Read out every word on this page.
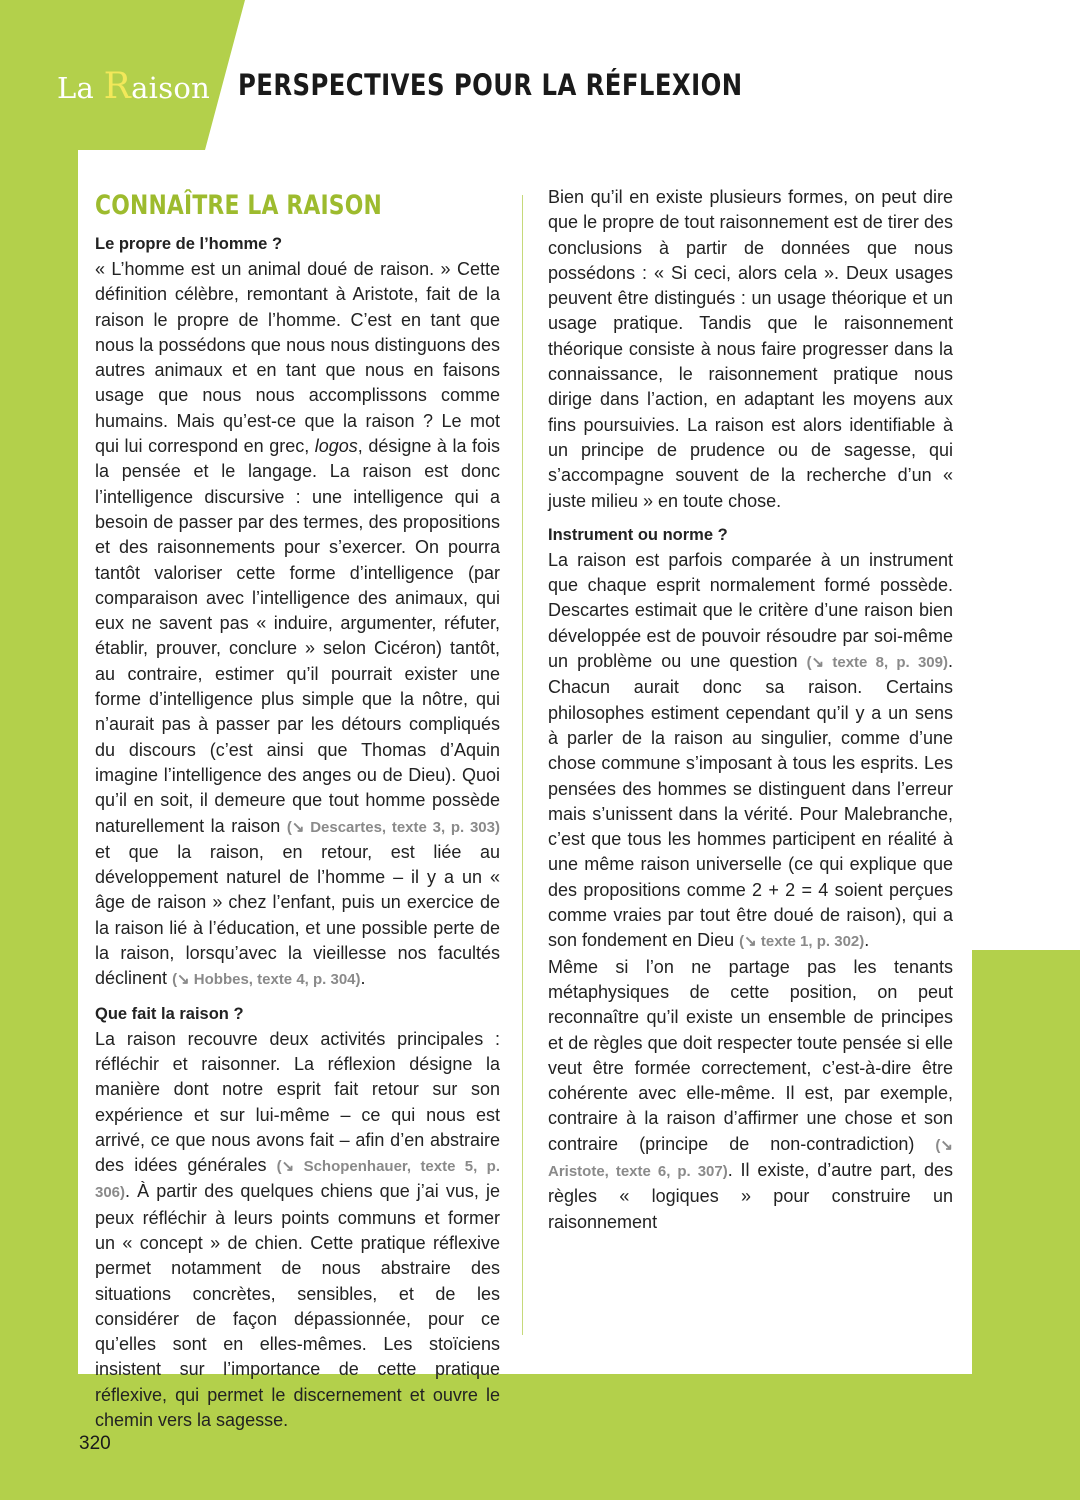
La Raison PERSPECTIVES POUR LA RÉFLEXION
CONNAÎTRE LA RAISON
Le propre de l’homme ?

« L’homme est un animal doué de raison. » Cette définition célèbre, remontant à Aristote, fait de la raison le propre de l’homme. C’est en tant que nous la possédons que nous nous distinguons des autres animaux et en tant que nous en faisons usage que nous nous accomplissons comme humains. Mais qu’est-ce que la raison ? Le mot qui lui correspond en grec, logos, désigne à la fois la pensée et le langage. La raison est donc l’intelligence discursive : une intelligence qui a besoin de passer par des termes, des propositions et des raisonnements pour s’exercer. On pourra tantôt valoriser cette forme d’intelligence (par comparaison avec l’intelligence des animaux, qui eux ne savent pas « induire, argumenter, réfuter, établir, prouver, conclure » selon Cicéron) tantôt, au contraire, estimer qu’il pourrait exister une forme d’intelligence plus simple que la nôtre, qui n’aurait pas à passer par les détours compliqués du discours (c’est ainsi que Thomas d’Aquin imagine l’intelligence des anges ou de Dieu). Quoi qu’il en soit, il demeure que tout homme possède naturellement la raison (↘ Descartes, texte 3, p. 303) et que la raison, en retour, est liée au développement naturel de l’homme – il y a un « âge de raison » chez l’enfant, puis un exercice de la raison lié à l’éducation, et une possible perte de la raison, lorsqu’avec la vieillesse nos facultés déclinent (↘ Hobbes, texte 4, p. 304).

Que fait la raison ?

La raison recouvre deux activités principales : réfléchir et raisonner. La réflexion désigne la manière dont notre esprit fait retour sur son expérience et sur lui-même – ce qui nous est arrivé, ce que nous avons fait – afin d’en abstraire des idées générales (↘ Schopenhauer, texte 5, p. 306). À partir des quelques chiens que j’ai vus, je peux réfléchir à leurs points communs et former un « concept » de chien. Cette pratique réflexive permet notamment de nous abstraire des situations concrètes, sensibles, et de les considérer de façon dépassionnée, pour ce qu’elles sont en elles-mêmes. Les stoïciens insistent sur l’importance de cette pratique réflexive, qui permet le discernement et ouvre le chemin vers la sagesse.

Bien qu’il en existe plusieurs formes, on peut dire que le propre de tout raisonnement est de tirer des conclusions à partir de données que nous possédons : « Si ceci, alors cela ». Deux usages peuvent être distingués : un usage théorique et un usage pratique. Tandis que le raisonnement théorique consiste à nous faire progresser dans la connaissance, le raisonnement pratique nous dirige dans l’action, en adaptant les moyens aux fins poursuivies. La raison est alors identifiable à un principe de prudence ou de sagesse, qui s’accompagne souvent de la recherche d’un « juste milieu » en toute chose.

Instrument ou norme ?

La raison est parfois comparée à un instrument que chaque esprit normalement formé possède. Descartes estimait que le critère d’une raison bien développée est de pouvoir résoudre par soi-même un problème ou une question (↘ texte 8, p. 309). Chacun aurait donc sa raison. Certains philosophes estiment cependant qu’il y a un sens à parler de la raison au singulier, comme d’une chose commune s’imposant à tous les esprits. Les pensées des hommes se distinguent dans l’erreur mais s’unissent dans la vérité. Pour Malebranche, c’est que tous les hommes participent en réalité à une même raison universelle (ce qui explique que des propositions comme 2 + 2 = 4 soient perçues comme vraies par tout être doué de raison), qui a son fondement en Dieu (↘ texte 1, p. 302).

Même si l’on ne partage pas les tenants métaphysiques de cette position, on peut reconnaître qu’il existe un ensemble de principes et de règles que doit respecter toute pensée si elle veut être formée correctement, c’est-à-dire être cohérente avec elle-même. Il est, par exemple, contraire à la raison d’affirmer une chose et son contraire (principe de non-contradiction) (↘ Aristote, texte 6, p. 307). Il existe, d’autre part, des règles « logiques » pour construire un raisonnement

320
